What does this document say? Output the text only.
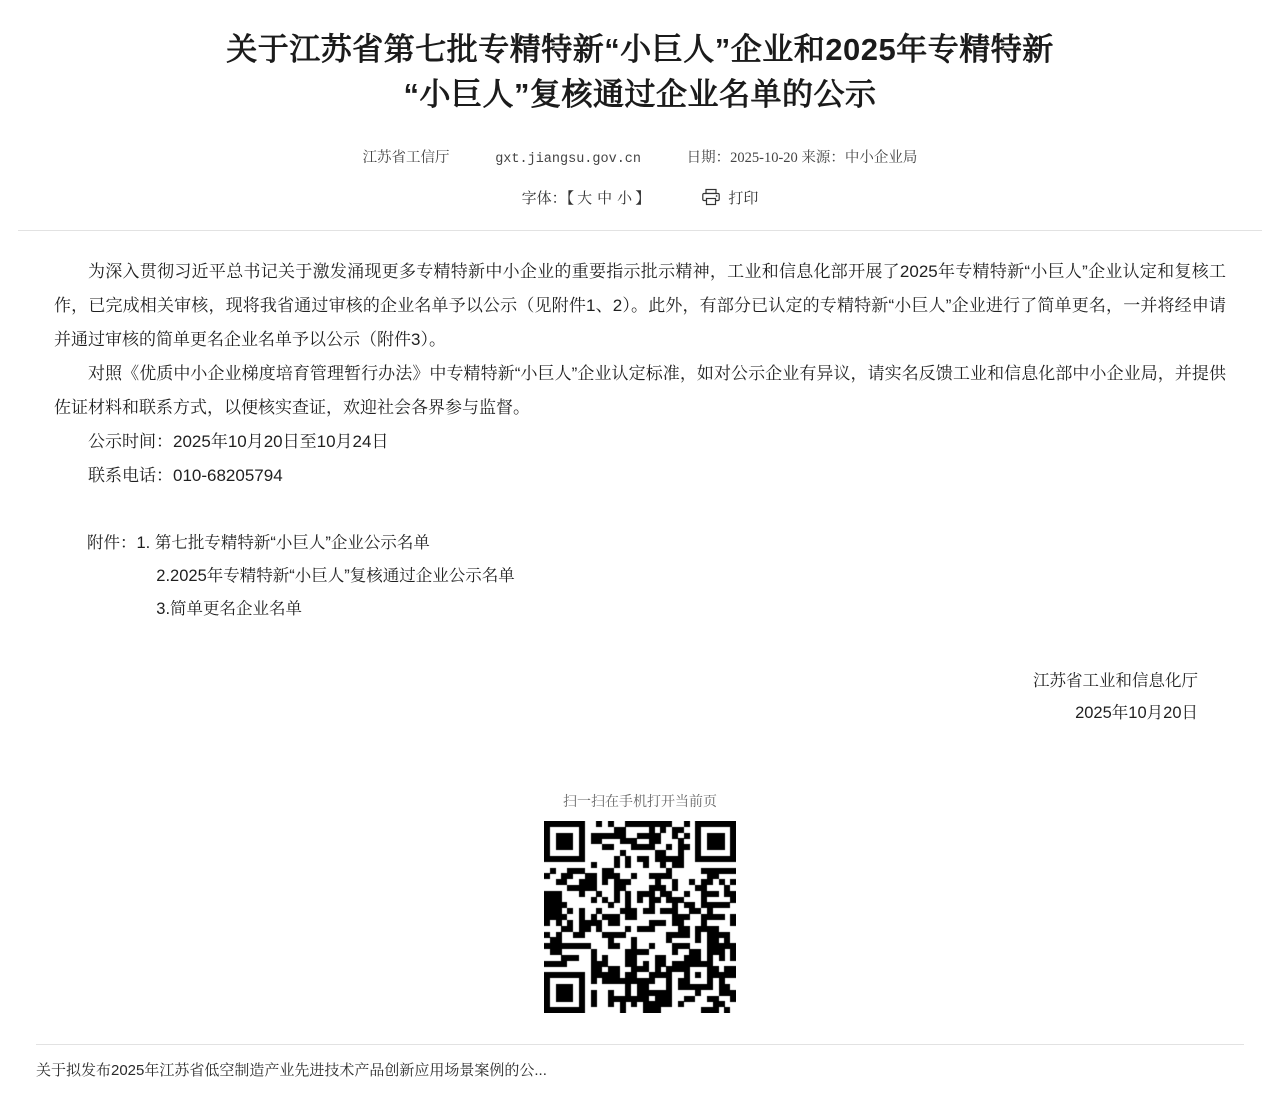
关于江苏省第七批专精特新“小巨人”企业和2025年专精特新
“小巨人”复核通过企业名单的公示
江苏省工信厅	gxt.jiangsu.gov.cn	日期：2025-10-20 来源：中小企业局
字体：【 大 中 小 】	打印

为深入贯彻习近平总书记关于激发涌现更多专精特新中小企业的重要指示批示精神，工业和信息化部开展了2025年专精特新“小巨人”企业认定和复核工作，已完成相关审核，现将我省通过审核的企业名单予以公示（见附件1、2）。此外，有部分已认定的专精特新“小巨人”企业进行了简单更名，一并将经申请并通过审核的简单更名企业名单予以公示（附件3）。

对照《优质中小企业梯度培育管理暂行办法》中专精特新“小巨人”企业认定标准，如对公示企业有异议，请实名反馈工业和信息化部中小企业局，并提供佐证材料和联系方式，以便核实查证，欢迎社会各界参与监督。

公示时间：2025年10月20日至10月24日

联系电话：010-68205794

附件：1. 第七批专精特新“小巨人”企业公示名单

2.2025年专精特新“小巨人”复核通过企业公示名单

3.简单更名企业名单

江苏省工业和信息化厅
2025年10月20日
扫一扫在手机打开当前页
关于拟发布2025年江苏省低空制造产业先进技术产品创新应用场景案例的公...
